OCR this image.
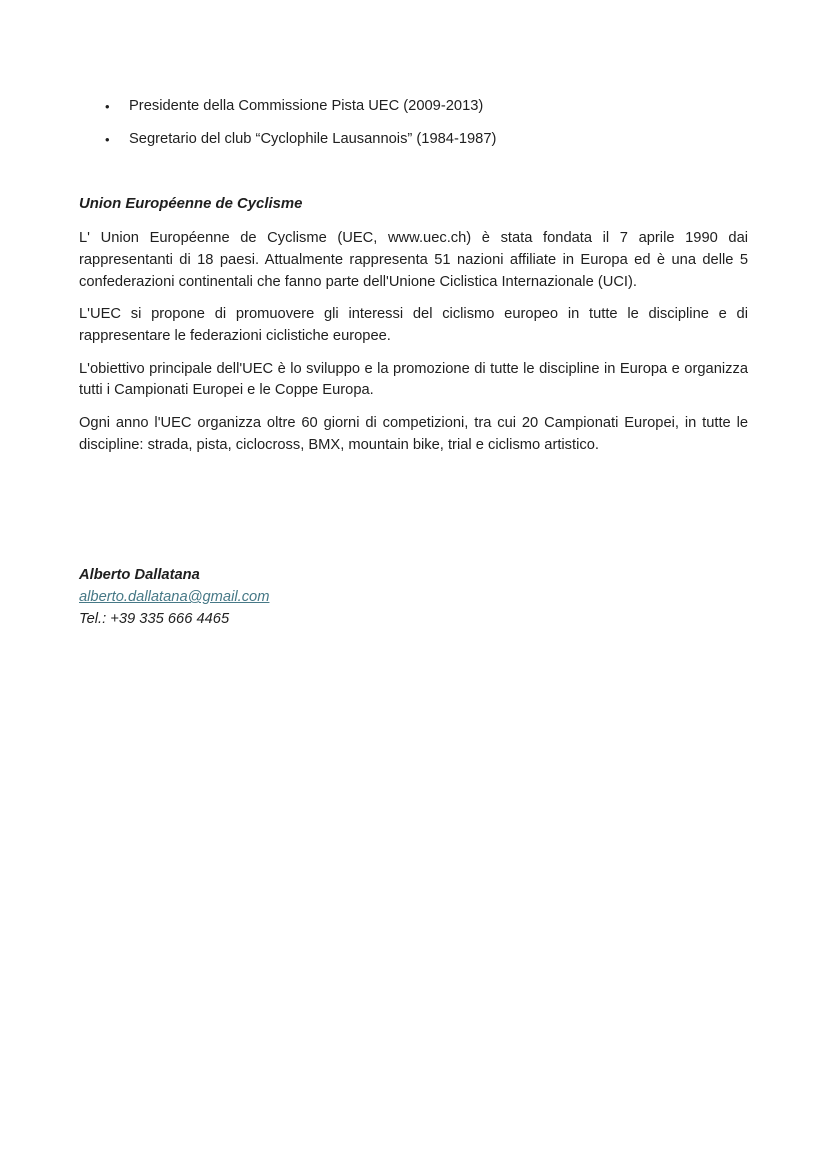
•	Presidente della Commissione Pista UEC (2009-2013)
•	Segretario del club “Cyclophile Lausannois” (1984-1987)
Union Européenne de Cyclisme

L' Union Européenne de Cyclisme (UEC, www.uec.ch) è stata fondata il 7 aprile 1990 dai rappresentanti di 18 paesi. Attualmente rappresenta 51 nazioni affiliate in Europa ed è una delle 5 confederazioni continentali che fanno parte dell'Unione Ciclistica Internazionale (UCI).

L'UEC si propone di promuovere gli interessi del ciclismo europeo in tutte le discipline e di rappresentare le federazioni ciclistiche europee.

L'obiettivo principale dell'UEC è lo sviluppo e la promozione di tutte le discipline in Europa e organizza tutti i Campionati Europei e le Coppe Europa.

Ogni anno l'UEC organizza oltre 60 giorni di competizioni, tra cui 20 Campionati Europei, in tutte le discipline: strada, pista, ciclocross, BMX, mountain bike, trial e ciclismo artistico.

Alberto Dallatana
alberto.dallatana@gmail.com
Tel.: +39 335 666 4465
